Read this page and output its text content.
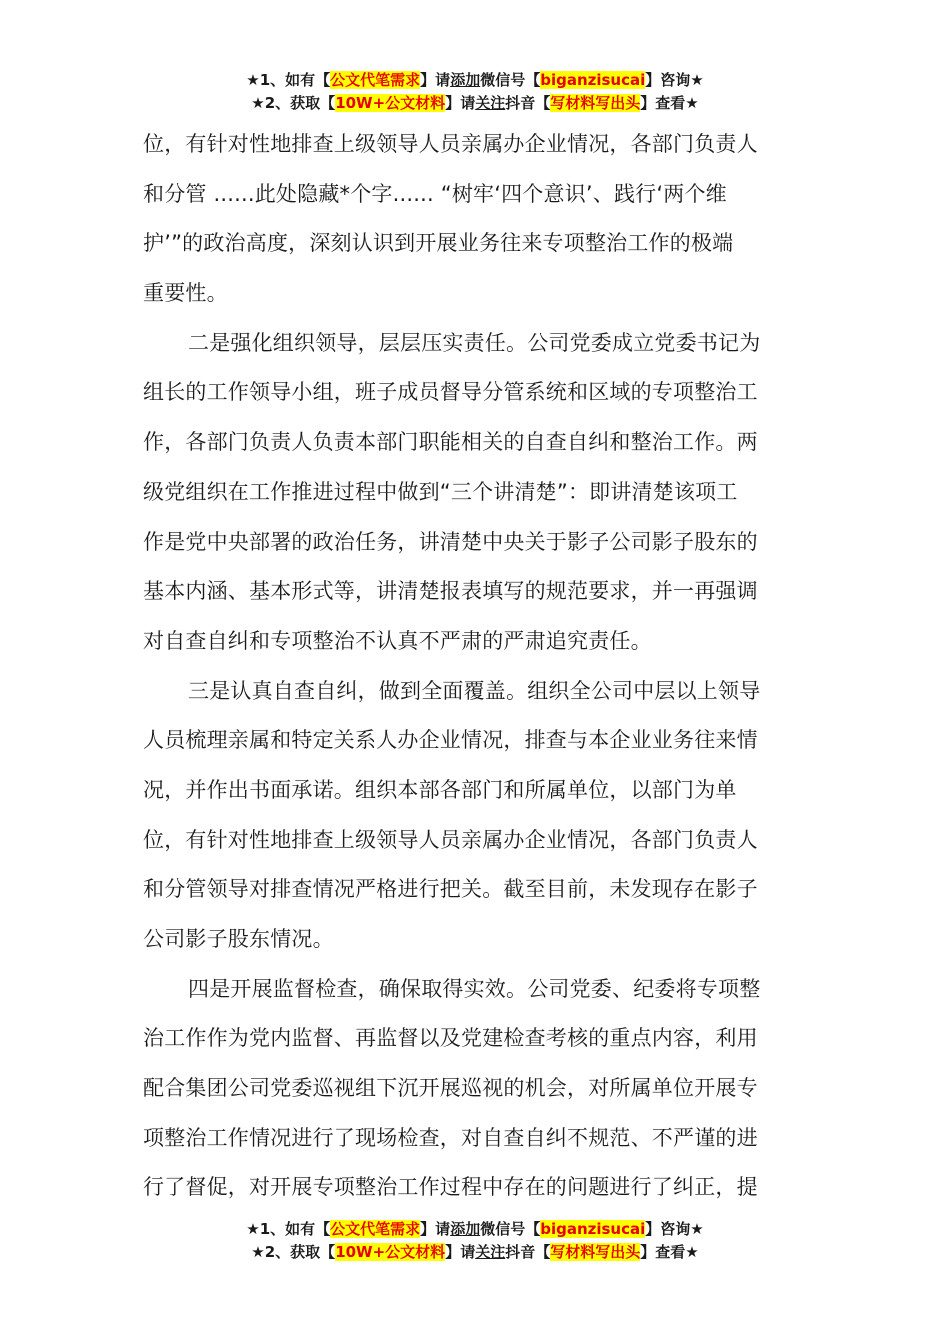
★1、如有【公文代笔需求】请添加微信号【biganzisucai】咨询★
★2、获取【10W+公文材料】请关注抖音【写材料写出头】查看★
位，有针对性地排查上级领导人员亲属办企业情况，各部门负责人
和分管 ......此处隐藏*个字...... “树牢‘四个意识’、践行‘两个维
护’”的政治高度，深刻认识到开展业务往来专项整治工作的极端
重要性。
二是强化组织领导，层层压实责任。公司党委成立党委书记为
组长的工作领导小组，班子成员督导分管系统和区域的专项整治工
作，各部门负责人负责本部门职能相关的自查自纠和整治工作。两
级党组织在工作推进过程中做到“三个讲清楚”：即讲清楚该项工
作是党中央部署的政治任务，讲清楚中央关于影子公司影子股东的
基本内涵、基本形式等，讲清楚报表填写的规范要求，并一再强调
对自查自纠和专项整治不认真不严肃的严肃追究责任。
三是认真自查自纠，做到全面覆盖。组织全公司中层以上领导
人员梳理亲属和特定关系人办企业情况，排查与本企业业务往来情
况，并作出书面承诺。组织本部各部门和所属单位，以部门为单
位，有针对性地排查上级领导人员亲属办企业情况，各部门负责人
和分管领导对排查情况严格进行把关。截至目前，未发现存在影子
公司影子股东情况。
四是开展监督检查，确保取得实效。公司党委、纪委将专项整
治工作作为党内监督、再监督以及党建检查考核的重点内容，利用
配合集团公司党委巡视组下沉开展巡视的机会，对所属单位开展专
项整治工作情况进行了现场检查，对自查自纠不规范、不严谨的进
行了督促，对开展专项整治工作过程中存在的问题进行了纠正，提
★1、如有【公文代笔需求】请添加微信号【biganzisucai】咨询★
★2、获取【10W+公文材料】请关注抖音【写材料写出头】查看★
